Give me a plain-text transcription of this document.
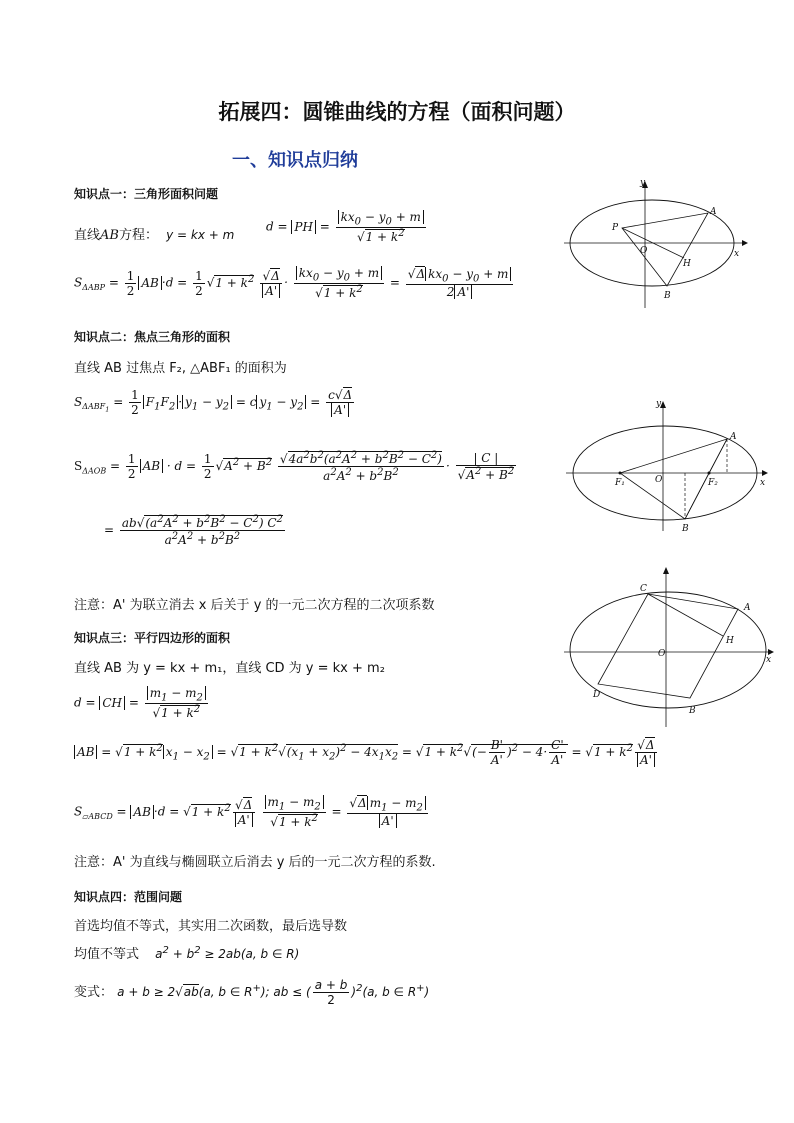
拓展四：圆锥曲线的方程（面积问题）
一、知识点归纳
知识点一：三角形面积问题
直线AB方程： y = kx + m
d = PH = $\frac{kx_0 - y_0 + m}{√1 + k^2}$
$S_{\Delta ABP} = \frac{1}{2}$ AB $\cdot d = \frac{1}{2} √1 + k^2 \frac{√\Delta}{A'} \cdot \frac{kx_0 - y_0 + m}{√1 + k^2} = \frac{√\Delta kx_0 - y_0 + m}{2 A'}$
y
A
P
O
H
x
B
知识点二：焦点三角形的面积
直线 AB 过焦点 F₂, △ABF₁ 的面积为
$S_{\Delta ABF_1} = \frac{1}{2} F_1F_2 \cdot y_1 - y_2 = c$ $y_1 - y_2 = \frac{c√\Delta}{A'}$
$S_{\Delta AOB} = \frac{1}{2}$ AB · $d = \frac{1}{2} √A^2 + B^2 \frac{√4a^2b^2(a^2A^2 + b^2B^2 - C^2)}{a^2A^2 + b^2B^2} \cdot \frac{| C |}{√A^2 + B^2}$
= $\frac{ab√(a^2A^2 + b^2B^2 - C^2) C^2}{a^2A^2 + b^2B^2}$
注意：A' 为联立消去 x 后关于 y 的一元二次方程的二次项系数
y
A
F₁	O	F₂	x
B
知识点三：平行四边形的面积
直线 AB 为 y = kx + m₁，直线 CD 为 y = kx + m₂
d = CH = $\frac{m_1 - m_2}{√1 + k^2}$
AB = $√1 + k^2$ $x_1 - x_2 = √1 + k^2√(x_1 + x_2)^2 - 4x_1x_2 = √1 + k^2√(- \frac{B'}{A'} )^2 - 4\cdot \frac{C'}{A'} = √1 + k^2 \frac{√\Delta}{A'}$
$S_{▱ABCD}$ = AB $\cdot d = √1 + k^2 \frac{√\Delta}{A'}$
$\frac{m_1 - m_2}{√1 + k^2} = \frac{√\Delta m_1 - m_2}{A'}$
注意：A' 为直线与椭圆联立后消去 y 后的一元二次方程的系数.
C
A
H
O
x
D
B
知识点四：范围问题
首选均值不等式，其实用二次函数，最后选导数
均值不等式 $a^2 + b^2 \ge 2ab(a$, b ∈ R)
变式： a + b ≥ 2√ab(a, b ∈ R+); ab ≤ ( $\frac{a + b}{2} )^2(a$, b ∈ R+)
